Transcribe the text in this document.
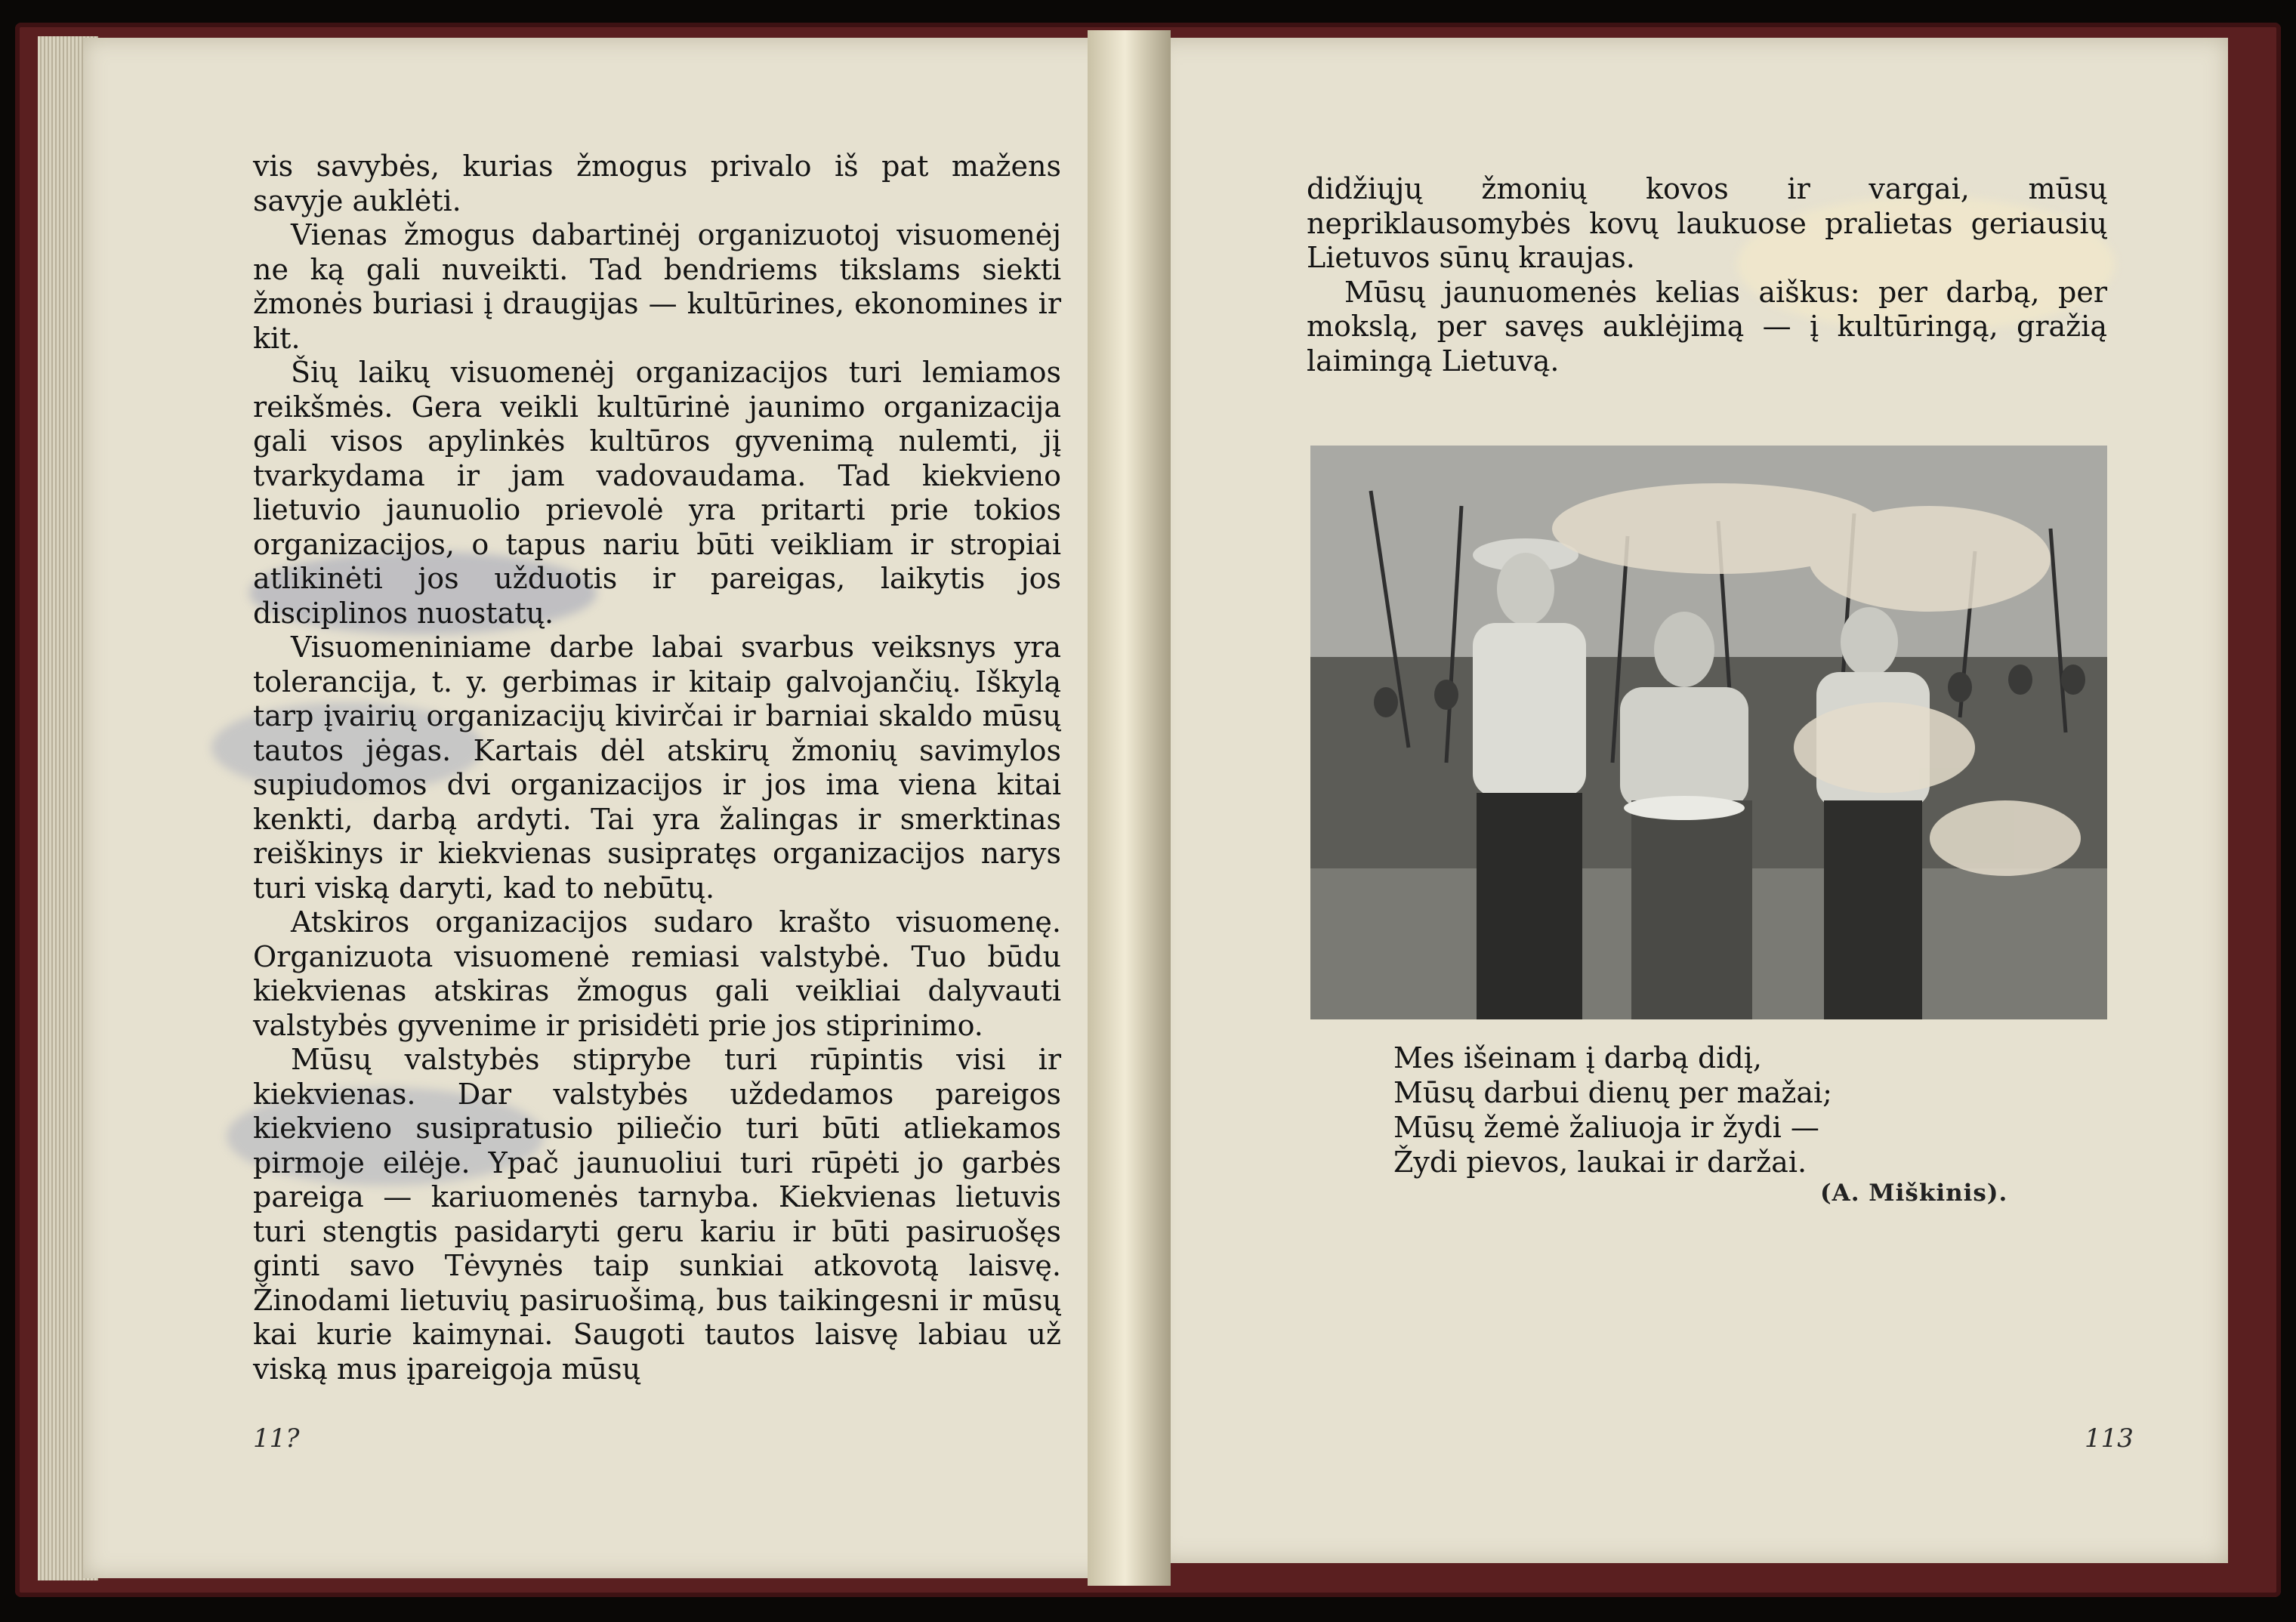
vis savybės, kurias žmogus privalo iš pat mažens savyje auklėti.

Vienas žmogus dabartinėj organizuotoj visuomenėj ne ką gali nuveikti. Tad bendriems tikslams siekti žmonės buriasi į draugijas — kultūrines, ekonomines ir kit.

Šių laikų visuomenėj organizacijos turi lemiamos reikšmės. Gera veikli kultūrinė jaunimo organizacija gali visos apylinkės kultūros gyvenimą nulemti, jį tvarkydama ir jam vadovaudama. Tad kiekvieno lietuvio jaunuolio prievolė yra pritarti prie tokios organizacijos, o tapus nariu būti veikliam ir stropiai atlikinėti jos užduotis ir pareigas, laikytis jos disciplinos nuostatų.

Visuomeniniame darbe labai svarbus veiksnys yra tolerancija, t. y. gerbimas ir kitaip galvojančių. Iškylą tarp įvairių organizacijų kivirčai ir barniai skaldo mūsų tautos jėgas. Kartais dėl atskirų žmonių savimylos supiudomos dvi organizacijos ir jos ima viena kitai kenkti, darbą ardyti. Tai yra žalingas ir smerktinas reiškinys ir kiekvienas susipratęs organizacijos narys turi viską daryti, kad to nebūtų.

Atskiros organizacijos sudaro krašto visuomenę. Organizuota visuomenė remiasi valstybė. Tuo būdu kiekvienas atskiras žmogus gali veikliai dalyvauti valstybės gyvenime ir prisidėti prie jos stiprinimo.

Mūsų valstybės stiprybe turi rūpintis visi ir kiekvienas. Dar valstybės uždedamos pareigos kiekvieno susipratusio piliečio turi būti atliekamos pirmoje eilėje. Ypač jaunuoliui turi rūpėti jo garbės pareiga — kariuomenės tarnyba. Kiekvienas lietuvis turi stengtis pasidaryti geru kariu ir būti pasiruošęs ginti savo Tėvynės taip sunkiai atkovotą laisvę. Žinodami lietuvių pasiruošimą, bus taikingesni ir mūsų kai kurie kaimynai. Saugoti tautos laisvę labiau už viską mus įpareigoja mūsų

11?

didžiųjų žmonių kovos ir vargai, mūsų nepriklausomybės kovų laukuose pralietas geriausių Lietuvos sūnų kraujas.

Mūsų jaunuomenės kelias aiškus: per darbą, per mokslą, per savęs auklėjimą — į kultūringą, gražią laimingą Lietuvą.

Mes išeinam į darbą didį,
Mūsų darbui dienų per mažai;
Mūsų žemė žaliuoja ir žydi —
Žydi pievos, laukai ir daržai.
(A. Miškinis).
113
